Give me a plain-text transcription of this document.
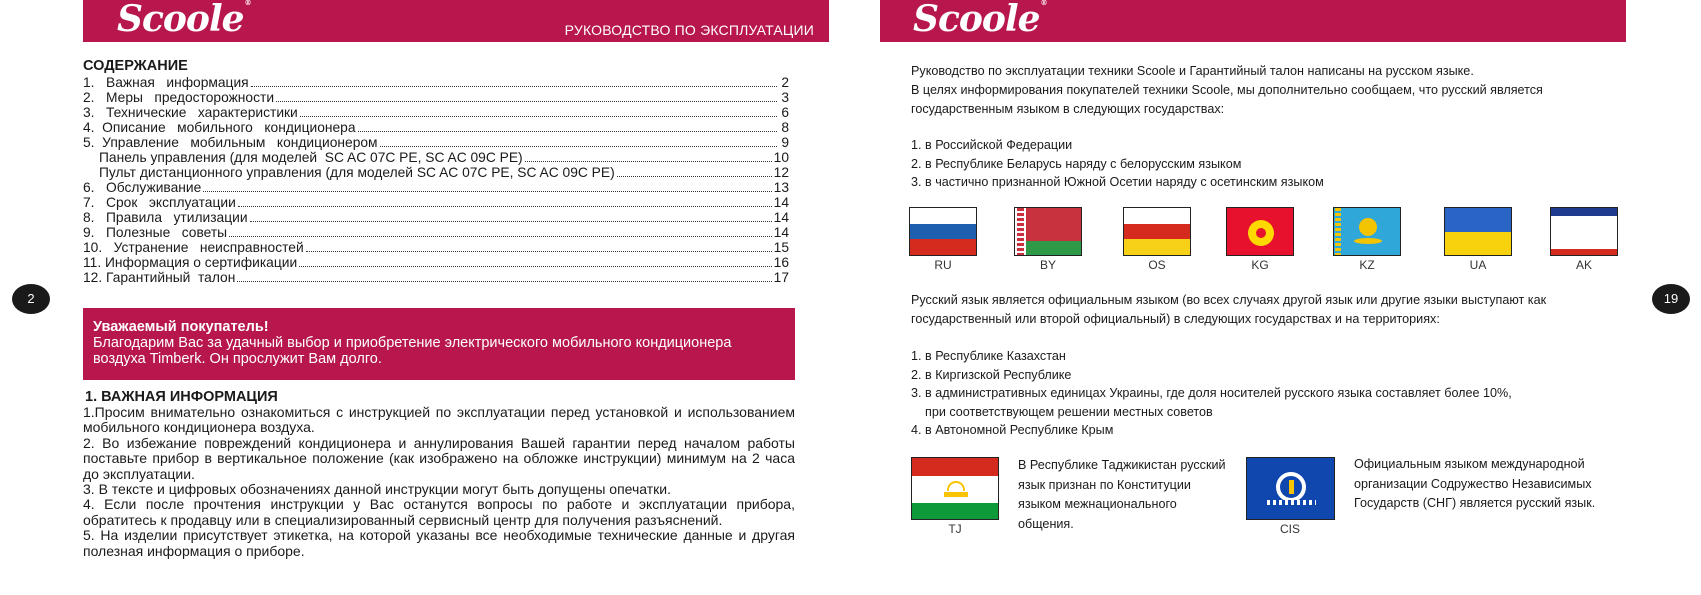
Scoole®
РУКОВОДСТВО ПО ЭКСПЛУАТАЦИИ
СОДЕРЖАНИЕ
1.   Важная   информация	2
2.   Меры   предосторожности	3
3.   Технические   характеристики	6
4.  Описание   мобильного   кондиционера	8
5.  Управление   мобильным   кондиционером	9
Панель управления (для моделей  SC AC 07C PE, SC AC 09C PE)	10
Пульт дистанционного управления (для моделей SC AC 07C PE, SC AC 09C PE)	12
6.   Обслуживание	13
7.   Срок   эксплуатации	14
8.   Правила   утилизации	14
9.   Полезные   советы	14
10.   Устранение   неисправностей	15
11. Информация о сертификации	16
12. Гарантийный  талон	17
2
Уважаемый покупатель!
Благодарим Вас за удачный выбор и приобретение электрического мобильного кондиционера воздуха Timberk. Он прослужит Вам долго.
1. ВАЖНАЯ ИНФОРМАЦИЯ
1.Просим внимательно ознакомиться с инструкцией по эксплуатации перед установкой и использованием мобильного кондиционера воздуха.
2. Во избежание повреждений кондиционера и аннулирования Вашей гарантии перед началом работы поставьте прибор в вертикальное положение (как изображено на обложке инструкции) минимум на 2 часа до эксплуатации.
3. В тексте и цифровых обозначениях данной инструкции могут быть допущены опечатки.
4. Если после прочтения инструкции у Вас останутся вопросы по работе и эксплуатации прибора, обратитесь к продавцу или в специализированный сервисный центр для получения разъяснений.
5. На изделии присутствует этикетка, на которой указаны все необходимые технические данные и другая полезная информация о приборе.
Scoole®
Руководство по эксплуатации техники Scoole и Гарантийный талон написаны на русском языке.
В целях информирования покупателей техники Scoole, мы дополнительно сообщаем, что русский является государственным языком в следующих государствах:
1. в Российской Федерации
2. в Республике Беларусь наряду с белорусским языком
3. в частично признанной Южной Осетии наряду с осетинским языком
RU	BY	OS	KG	KZ	UA	AK
19
Русский язык является официальным языком (во всех случаях другой язык или другие языки выступают как государственный или второй официальный) в следующих государствах и на территориях:
1. в Республике Казахстан
2. в Киргизской Республике
3. в административных единицах Украины, где доля носителей русского языка составляет более 10%,
при соответствующем решении местных советов
4. в Автономной Республике Крым
TJ
В Республике Таджикистан русский язык признан по Конституции языком межнационального общения.	CIS
Официальным языком международной организации Содружество Независимых Государств (СНГ) является русский язык.
